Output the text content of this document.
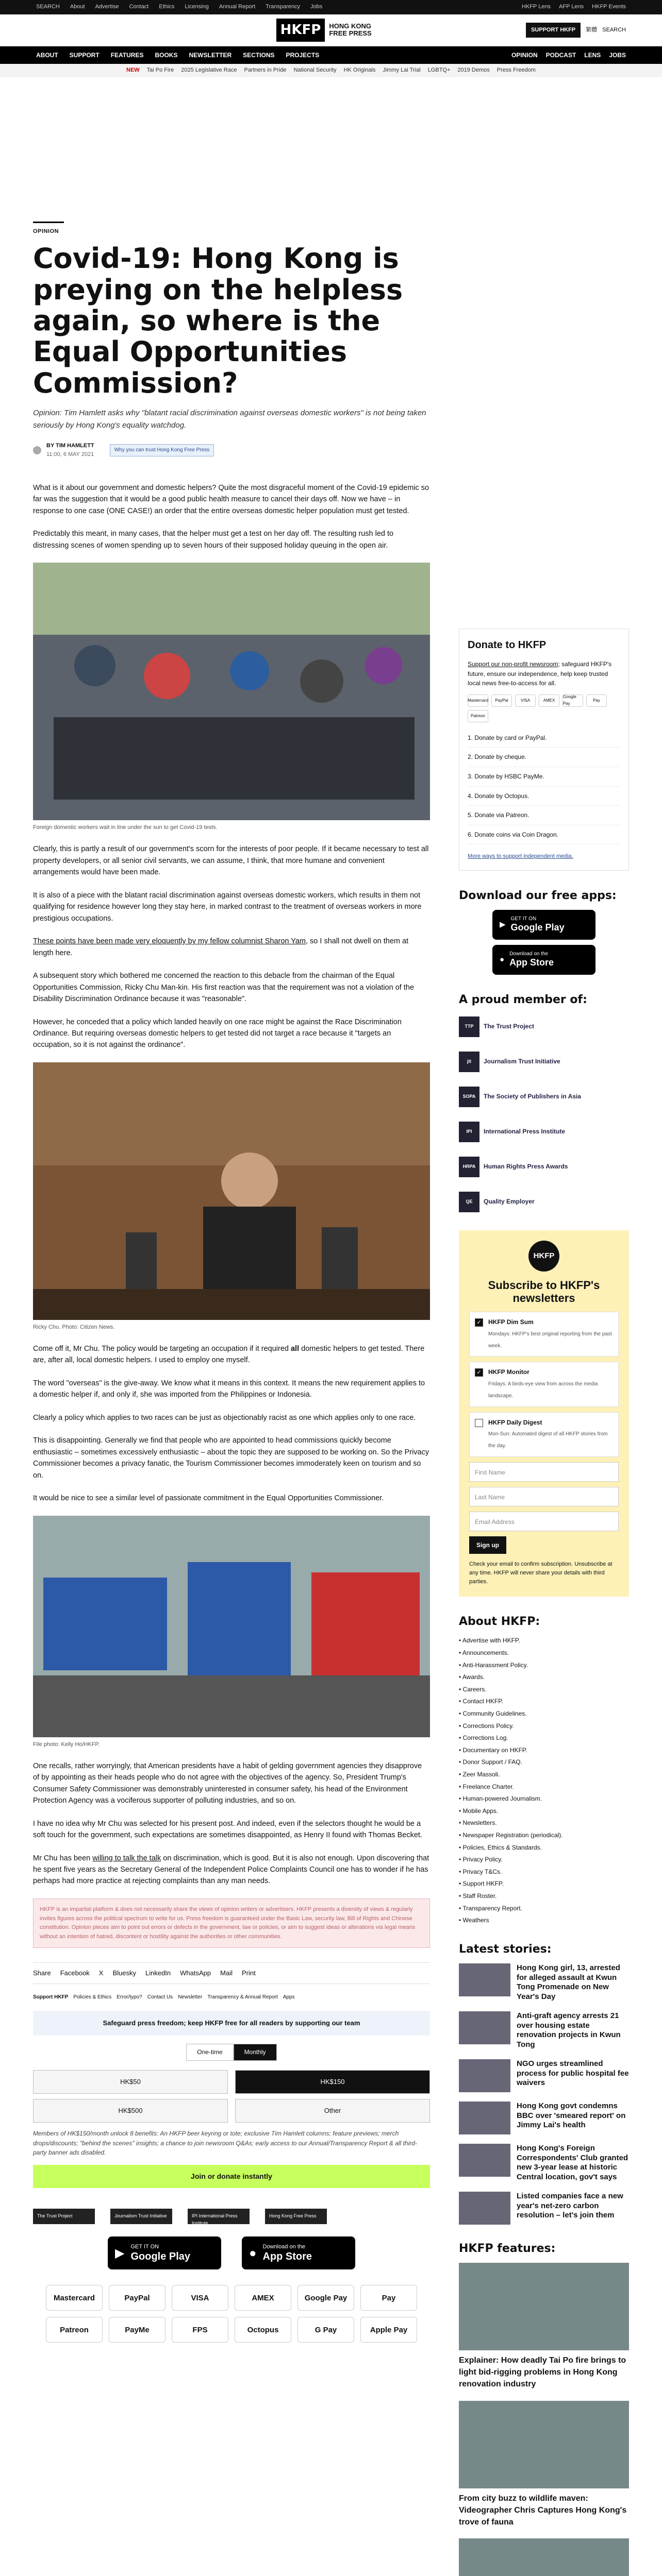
SEARCH About Advertise Contact Ethics Licensing Annual Report Transparency Jobs	HKFP Lens AFP Lens HKFP Events
HKFP	HONG KONG FREE PRESS	SUPPORT HKFP	繁體 SEARCH
ABOUT SUPPORT FEATURES BOOKS NEWSLETTER SECTIONS PROJECTS	OPINION PODCAST LENS JOBS
NEW Tai Po Fire 2025 Legislative Race Partners in Pride National Security HK Originals Jimmy Lai Trial LGBTQ+ 2019 Demos Press Freedom
OPINION
Covid-19: Hong Kong is preying on the helpless again, so where is the Equal Opportunities Commission?

Opinion: Tim Hamlett asks why "blatant racial discrimination against overseas domestic workers" is not being taken seriously by Hong Kong's equality watchdog.

BY TIM HAMLETT
11:00, 6 MAY 2021
Why you can trust Hong Kong Free Press

What is it about our government and domestic helpers? Quite the most disgraceful moment of the Covid-19 epidemic so far was the suggestion that it would be a good public health measure to cancel their days off. Now we have – in response to one case (ONE CASE!) an order that the entire overseas domestic helper population must get tested.

Predictably this meant, in many cases, that the helper must get a test on her day off. The resulting rush led to distressing scenes of women spending up to seven hours of their supposed holiday queuing in the open air.

Foreign domestic workers wait in line under the sun to get Covid-19 tests.

Clearly, this is partly a result of our government's scorn for the interests of poor people. If it became necessary to test all property developers, or all senior civil servants, we can assume, I think, that more humane and convenient arrangements would have been made.

It is also of a piece with the blatant racial discrimination against overseas domestic workers, which results in them not qualifying for residence however long they stay here, in marked contrast to the treatment of overseas workers in more prestigious occupations.

These points have been made very eloquently by my fellow columnist Sharon Yam, so I shall not dwell on them at length here.

A subsequent story which bothered me concerned the reaction to this debacle from the chairman of the Equal Opportunities Commission, Ricky Chu Man-kin. His first reaction was that the requirement was not a violation of the Disability Discrimination Ordinance because it was "reasonable".

However, he conceded that a policy which landed heavily on one race might be against the Race Discrimination Ordinance. But requiring overseas domestic helpers to get tested did not target a race because it "targets an occupation, so it is not against the ordinance".

Ricky Chu. Photo: Citizen News.

Come off it, Mr Chu. The policy would be targeting an occupation if it required all domestic helpers to get tested. There are, after all, local domestic helpers. I used to employ one myself.

The word "overseas" is the give-away. We know what it means in this context. It means the new requirement applies to a domestic helper if, and only if, she was imported from the Philippines or Indonesia.

Clearly a policy which applies to two races can be just as objectionably racist as one which applies only to one race.

This is disappointing. Generally we find that people who are appointed to head commissions quickly become enthusiastic – sometimes excessively enthusiastic – about the topic they are supposed to be working on. So the Privacy Commissioner becomes a privacy fanatic, the Tourism Commissioner becomes immoderately keen on tourism and so on.

It would be nice to see a similar level of passionate commitment in the Equal Opportunities Commissioner.

File photo: Kelly Ho/HKFP.

One recalls, rather worryingly, that American presidents have a habit of gelding government agencies they disapprove of by appointing as their heads people who do not agree with the objectives of the agency. So, President Trump's Consumer Safety Commissioner was demonstrably uninterested in consumer safety, his head of the Environment Protection Agency was a vociferous supporter of polluting industries, and so on.

I have no idea why Mr Chu was selected for his present post. And indeed, even if the selectors thought he would be a soft touch for the government, such expectations are sometimes disappointed, as Henry II found with Thomas Becket.

Mr Chu has been willing to talk the talk on discrimination, which is good. But it is also not enough. Upon discovering that he spent five years as the Secretary General of the Independent Police Complaints Council one has to wonder if he has perhaps had more practice at rejecting complaints than any man needs.

HKFP is an impartial platform & does not necessarily share the views of opinion writers or advertisers. HKFP presents a diversity of views & regularly invites figures across the political spectrum to write for us. Press freedom is guaranteed under the Basic Law, security law, Bill of Rights and Chinese constitution. Opinion pieces aim to point out errors or defects in the government, law or policies, or aim to suggest ideas or alterations via legal means without an intention of hatred, discontent or hostility against the authorities or other communities.
Share Facebook X Bluesky LinkedIn WhatsApp Mail Print
Support HKFP Policies & Ethics Error/typo? Contact Us Newsletter Transparency & Annual Report Apps
Safeguard press freedom; keep HKFP free for all readers by supporting our team
One-time	Monthly
HK$50	HK$150
HK$500	Other
Members of HK$150/month unlock 8 benefits: An HKFP beer keyring or tote; exclusive Tim Hamlett columns; feature previews; merch drops/discounts; "behind the scenes" insights; a chance to join newsroom Q&As; early access to our Annual/Transparency Report & all third-party banner ads disabled.
Join or donate instantly
The Trust Project	Journalism Trust Initiative	IPI International Press Institute
Hong Kong Free Press
▶ GET IT ON
Google Play	● Download on the
App Store
Mastercard	PayPal	VISA	AMEX	Google Pay	Pay
Patreon	PayMe	FPS	Octopus	G Pay	Apple Pay
Donate to HKFP

Support our non-profit newsroom; safeguard HKFP's future, ensure our independence, help keep trusted local news free-to-access for all.

Mastercard	PayPal	VISA	AMEX
Google Pay
Pay
Patreon
1. Donate by card or PayPal.
2. Donate by cheque.
3. Donate by HSBC PayMe.
4. Donate by Octopus.
5. Donate via Patreon.
6. Donate coins via Coin Dragon.
More ways to support independent media.
Download our free apps:
▶
GET IT ON
Google Play
●
Download on the
App Store
A proud member of:
TTP	The Trust Project
jti	Journalism Trust Initiative
SOPA	The Society of Publishers in Asia
IPI	International Press Institute
HRPA	Human Rights Press Awards
QE	Quality Employer
HKFP
Subscribe to HKFP's newsletters
✓ HKFP Dim Sum
Mondays: HKFP's best original reporting from the past week.
✓ HKFP Monitor
Fridays: A birds-eye view from across the media landscape.
HKFP Daily Digest
Mon-Sun: Automated digest of all HKFP stories from the day.
First Name
Last Name
Email Address
Sign up
Check your email to confirm subscription. Unsubscribe at any time. HKFP will never share your details with third parties.
About HKFP:
• Advertise with HKFP.
• Announcements.
• Anti-Harassment Policy.
• Awards.
• Careers.
• Contact HKFP.
• Community Guidelines.
• Corrections Policy.
• Corrections Log.
• Documentary on HKFP.
• Donor Support / FAQ.
• Zeer Massoli.
• Freelance Charter.
• Human-powered Journalism.
• Mobile Apps.
• Newsletters.
• Newspaper Registration (periodical).
• Policies, Ethics & Standards.
• Privacy Policy.
• Privacy T&Cs.
• Support HKFP.
• Staff Roster.
• Transparency Report.
• Weathers
Latest stories:
Hong Kong girl, 13, arrested for alleged assault at Kwun Tong Promenade on New Year's Day
Anti-graft agency arrests 21 over housing estate renovation projects in Kwun Tong
NGO urges streamlined process for public hospital fee waivers
Hong Kong govt condemns BBC over 'smeared report' on Jimmy Lai's health
Hong Kong's Foreign Correspondents' Club granted new 3-year lease at historic Central location, gov't says
Listed companies face a new year's net-zero carbon resolution – let's join them
HKFP features:
Explainer: How deadly Tai Po fire brings to light bid-rigging problems in Hong Kong renovation industry
From city buzz to wildlife maven: Videographer Chris Captures Hong Kong's trove of fauna
